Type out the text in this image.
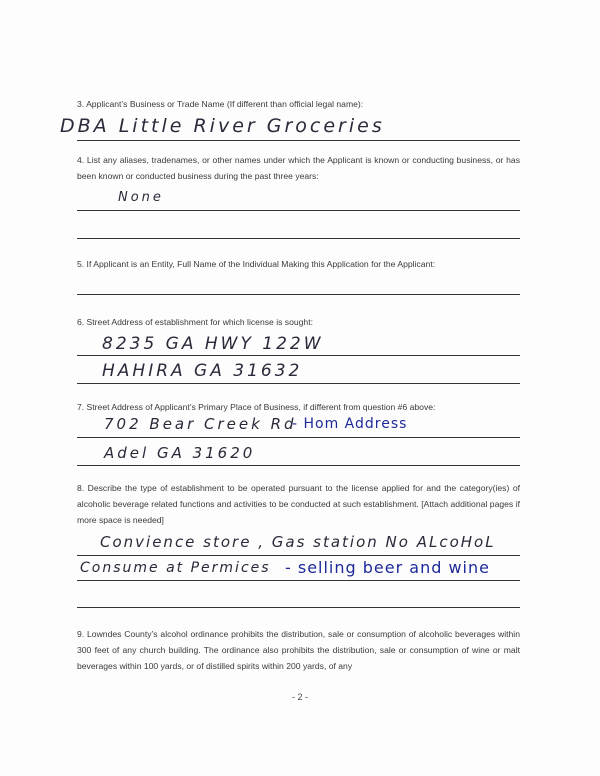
3. Applicant’s Business or Trade Name (If different than official legal name):
DBA Little River Groceries
4. List any aliases, tradenames, or other names under which the Applicant is known or conducting business, or has been known or conducted business during the past three years:
None
5. If Applicant is an Entity, Full Name of the Individual Making this Application for the Applicant:
6. Street Address of establishment for which license is sought:
8235 GA HWY 122W
HAHIRA GA 31632
7. Street Address of Applicant’s Primary Place of Business, if different from question #6 above:
702 Bear Creek Rd
- Hom Address
Adel GA 31620
8. Describe the type of establishment to be operated pursuant to the license applied for and the category(ies) of alcoholic beverage related functions and activities to be conducted at such establishment. [Attach additional pages if more space is needed]
Convience store , Gas station No ALcoHoL
Consume at Permices - selling beer and wine
9. Lowndes County’s alcohol ordinance prohibits the distribution, sale or consumption of alcoholic beverages within 300 feet of any church building. The ordinance also prohibits the distribution, sale or consumption of wine or malt beverages within 100 yards, or of distilled spirits within 200 yards, of any
- 2 -
